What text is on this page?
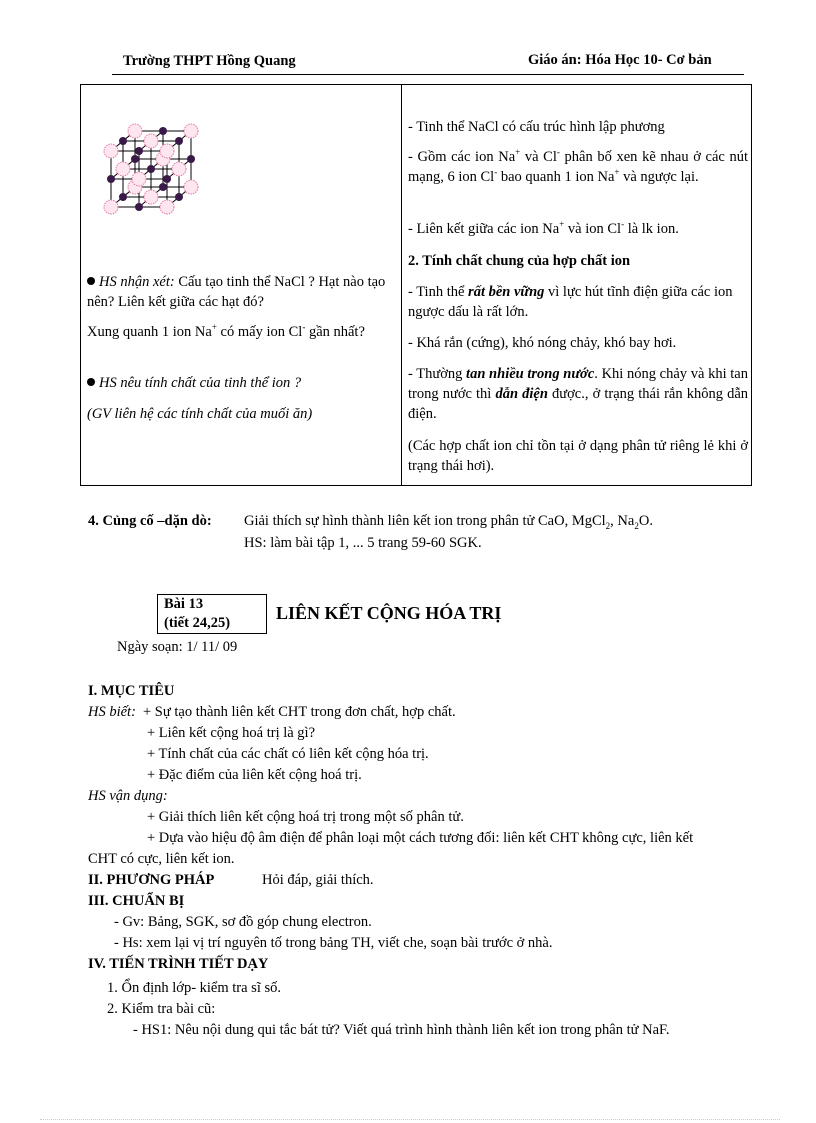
Trường THPT Hồng Quang	Giáo án: Hóa Học 10- Cơ bản
HS nhận xét: Cấu tạo tinh thể NaCl ? Hạt nào tạo nên? Liên kết giữa các hạt đó?
Xung quanh 1 ion Na+ có mấy ion Cl- gần nhất?
HS nêu tính chất của tinh thể ion ?
(GV liên hệ các tính chất của muối ăn)

- Tinh thể NaCl có cấu trúc hình lập phương
- Gồm các ion Na+ và Cl- phân bố xen kẽ nhau ở các nút mạng, 6 ion Cl- bao quanh 1 ion Na+ và ngược lại.
- Liên kết giữa các ion Na+ và ion Cl- là lk ion.
2. Tính chất chung của hợp chất ion
- Tinh thể rất bền vững vì lực hút tĩnh điện giữa các ion ngược dấu là rất lớn.
- Khá rắn (cứng), khó nóng chảy, khó bay hơi.
- Thường tan nhiều trong nước. Khi nóng chảy và khi tan trong nước thì dẫn điện được., ở trạng thái rắn không dẫn điện.
(Các hợp chất ion chỉ tồn tại ở dạng phân tử riêng lẻ khi ở trạng thái hơi).
4. Củng cố –dặn dò: Giải thích sự hình thành liên kết ion trong phân tử CaO, MgCl$_2$, $Na_2O$.
HS: làm bài tập 1, ... 5 trang 59-60 SGK.
Bài 13
(tiết 24,25)	LIÊN KẾT CỘNG HÓA TRỊ
Ngày soạn: 1/ 11/ 09
I. MỤC TIÊU
HS biết: + Sự tạo thành liên kết CHT trong đơn chất, hợp chất.
+ Liên kết cộng hoá trị là gì?
+ Tính chất của các chất có liên kết cộng hóa trị.
+ Đặc điểm của liên kết cộng hoá trị.
HS vận dụng:
+ Giải thích liên kết cộng hoá trị trong một số phân tử.
+ Dựa vào hiệu độ âm điện để phân loại một cách tương đối: liên kết CHT không cực, liên kết
CHT có cực, liên kết ion.
II. PHƯƠNG PHÁP	Hỏi đáp, giải thích.
III. CHUẨN BỊ
- Gv: Bảng, SGK, sơ đồ góp chung electron.
- Hs: xem lại vị trí nguyên tố trong bảng TH, viết che, soạn bài trước ở nhà.
IV. TIẾN TRÌNH TIẾT DẠY
1. Ổn định lớp- kiểm tra sĩ số.
2. Kiểm tra bài cũ:
- HS1: Nêu nội dung qui tắc bát tử? Viết quá trình hình thành liên kết ion trong phân tử NaF.
